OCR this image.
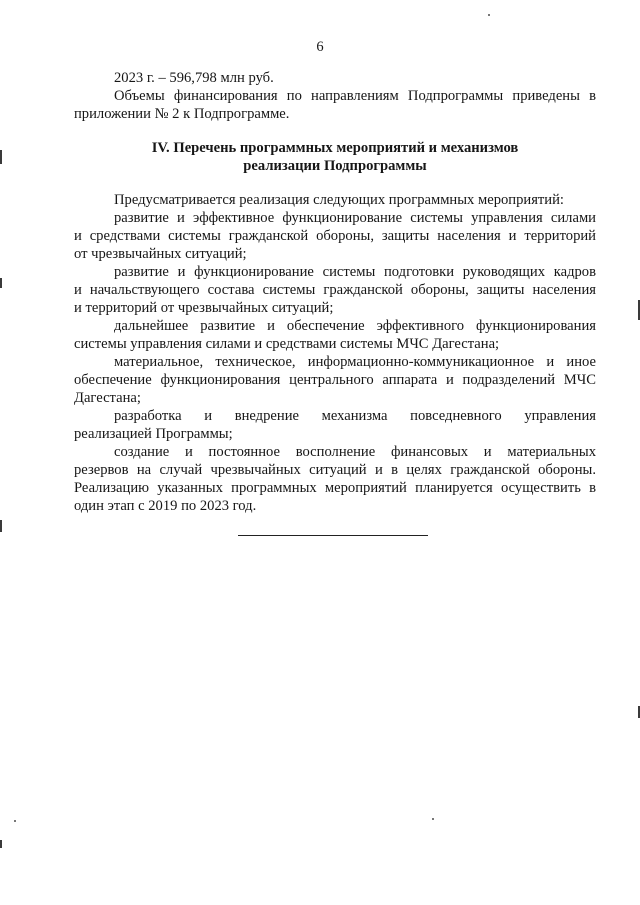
6
2023 г. – 596,798 млн руб.
Объемы финансирования по направлениям Подпрограммы приведены в
приложении № 2 к Подпрограмме.
IV. Перечень программных мероприятий и механизмов
реализации Подпрограммы
Предусматривается реализация следующих программных мероприятий:
развитие и эффективное функционирование системы управления силами
и средствами системы гражданской обороны, защиты населения и территорий
от чрезвычайных ситуаций;
развитие и функционирование системы подготовки руководящих кадров
и начальствующего состава системы гражданской обороны, защиты населения
и территорий от чрезвычайных ситуаций;
дальнейшее развитие и обеспечение эффективного функционирования
системы управления силами и средствами системы МЧС Дагестана;
материальное, техническое, информационно-коммуникационное и иное
обеспечение функционирования центрального аппарата и подразделений МЧС
Дагестана;
разработка и внедрение механизма повседневного управления
реализацией Программы;
создание и постоянное восполнение финансовых и материальных
резервов на случай чрезвычайных ситуаций и в целях гражданской обороны.
Реализацию указанных программных мероприятий планируется осуществить в
один этап с 2019 по 2023 год.
